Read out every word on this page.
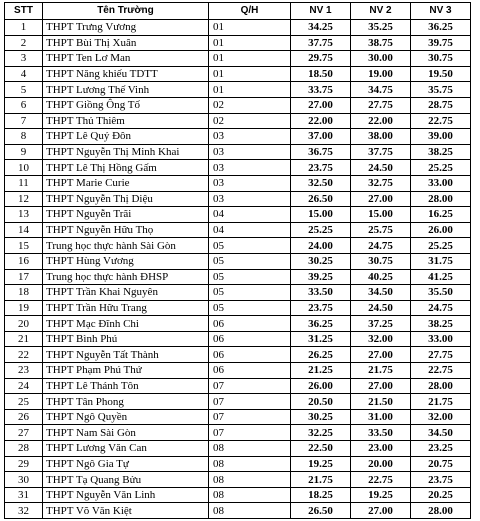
STT	Tên Trường	Q/H	NV 1	NV 2	NV 3
1	THPT Trưng Vương	01	34.25	35.25	36.25
2	THPT Bùi Thị Xuân	01	37.75	38.75	39.75
3	THPT Ten Lơ Man	01	29.75	30.00	30.75
4	THPT Năng khiếu TDTT	01	18.50	19.00	19.50
5	THPT Lương Thế Vinh	01	33.75	34.75	35.75
6	THPT Giồng Ông Tố	02	27.00	27.75	28.75
7	THPT Thủ Thiêm	02	22.00	22.00	22.75
8	THPT Lê Quý Đôn	03	37.00	38.00	39.00
9	THPT Nguyễn Thị Minh Khai	03	36.75	37.75	38.25
10	THPT Lê Thị Hồng Gấm	03	23.75	24.50	25.25
11	THPT Marie Curie	03	32.50	32.75	33.00
12	THPT Nguyễn Thị Diệu	03	26.50	27.00	28.00
13	THPT Nguyễn Trãi	04	15.00	15.00	16.25
14	THPT Nguyễn Hữu Thọ	04	25.25	25.75	26.00
15	Trung học thực hành Sài Gòn	05	24.00	24.75	25.25
16	THPT Hùng Vương	05	30.25	30.75	31.75
17	Trung học thực hành ĐHSP	05	39.25	40.25	41.25
18	THPT Trần Khai Nguyên	05	33.50	34.50	35.50
19	THPT Trần Hữu Trang	05	23.75	24.50	24.75
20	THPT Mạc Đĩnh Chi	06	36.25	37.25	38.25
21	THPT Bình Phú	06	31.25	32.00	33.00
22	THPT Nguyễn Tất Thành	06	26.25	27.00	27.75
23	THPT Phạm Phú Thứ	06	21.25	21.75	22.75
24	THPT Lê Thánh Tôn	07	26.00	27.00	28.00
25	THPT Tân Phong	07	20.50	21.50	21.75
26	THPT Ngô Quyền	07	30.25	31.00	32.00
27	THPT Nam Sài Gòn	07	32.25	33.50	34.50
28	THPT Lương Văn Can	08	22.50	23.00	23.25
29	THPT Ngô Gia Tự	08	19.25	20.00	20.75
30	THPT Tạ Quang Bửu	08	21.75	22.75	23.75
31	THPT Nguyễn Văn Linh	08	18.25	19.25	20.25
32	THPT Võ Văn Kiệt	08	26.50	27.00	28.00
